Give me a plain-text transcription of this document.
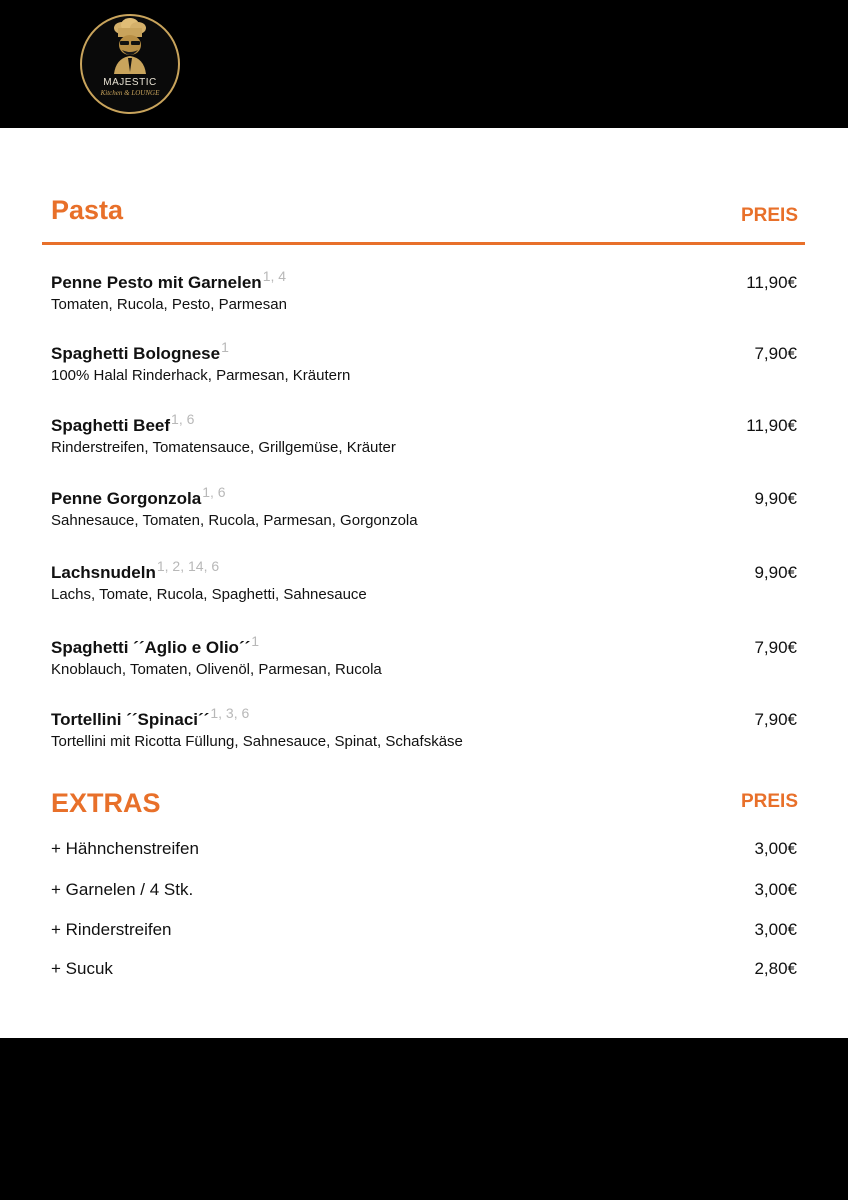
MAJESTIC
Kitchen & LOUNGE
Pasta	PREIS
Penne Pesto mit Garnelen$^{1, 4}$
Tomaten, Rucola, Pesto, Parmesan
11,90€
Spaghetti Bolognese$^1$
100% Halal Rinderhack, Parmesan, Kräutern
7,90€
Spaghetti Beef$^{1, 6}$
Rinderstreifen, Tomatensauce, Grillgemüse, Kräuter
11,90€
Penne Gorgonzola$^{1, 6}$
Sahnesauce, Tomaten, Rucola, Parmesan, Gorgonzola
9,90€
Lachsnudeln$^{1, 2, 14, 6}$
Lachs, Tomate, Rucola, Spaghetti, Sahnesauce
9,90€
Spaghetti ´´Aglio e Olio´´$^1$
Knoblauch, Tomaten, Olivenöl, Parmesan, Rucola
7,90€
Tortellini ´´Spinaci´´$^{1, 3, 6}$
Tortellini mit Ricotta Füllung, Sahnesauce, Spinat, Schafskäse
7,90€
EXTRAS	PREIS
+ Hähnchenstreifen	3,00€
+ Garnelen / 4 Stk.	3,00€
+ Rinderstreifen	3,00€
+ Sucuk	2,80€
